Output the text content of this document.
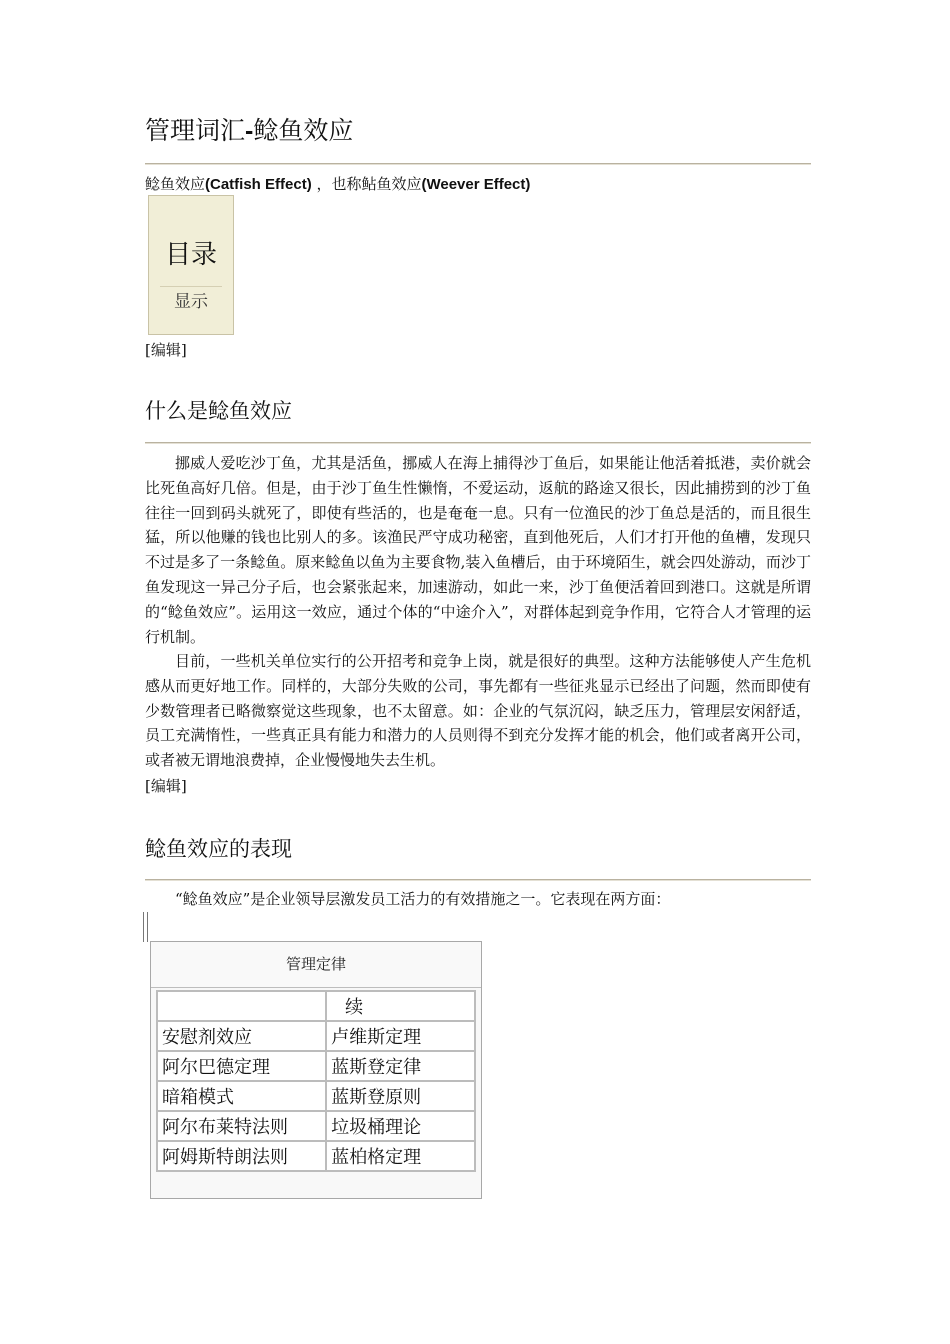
管理词汇-鲶鱼效应
鲶鱼效应(Catfish Effect) ，也称鲇鱼效应(Weever Effect)
目录
显示
[编辑]
什么是鲶鱼效应
挪威人爱吃沙丁鱼，尤其是活鱼，挪威人在海上捕得沙丁鱼后，如果能让他活着抵港，卖价就会比死鱼高好几倍。但是，由于沙丁鱼生性懒惰，不爱运动，返航的路途又很长，因此捕捞到的沙丁鱼往往一回到码头就死了，即使有些活的，也是奄奄一息。只有一位渔民的沙丁鱼总是活的，而且很生猛，所以他赚的钱也比别人的多。该渔民严守成功秘密，直到他死后，人们才打开他的鱼槽，发现只不过是多了一条鲶鱼。原来鲶鱼以鱼为主要食物,装入鱼槽后，由于环境陌生，就会四处游动，而沙丁鱼发现这一异己分子后，也会紧张起来，加速游动，如此一来，沙丁鱼便活着回到港口。这就是所谓的“鲶鱼效应”。运用这一效应，通过个体的“中途介入”，对群体起到竞争作用，它符合人才管理的运行机制。
目前，一些机关单位实行的公开招考和竞争上岗，就是很好的典型。这种方法能够使人产生危机感从而更好地工作。同样的，大部分失败的公司，事先都有一些征兆显示已经出了问题，然而即使有少数管理者已略微察觉这些现象，也不太留意。如：企业的气氛沉闷，缺乏压力，管理层安闲舒适，员工充满惰性，一些真正具有能力和潜力的人员则得不到充分发挥才能的机会，他们或者离开公司，或者被无谓地浪费掉，企业慢慢地失去生机。
[编辑]
鲶鱼效应的表现
“鲶鱼效应”是企业领导层激发员工活力的有效措施之一。它表现在两方面：
管理定律
	续
安慰剂效应	卢维斯定理
阿尔巴德定理	蓝斯登定律
暗箱模式	蓝斯登原则
阿尔布莱特法则	垃圾桶理论
阿姆斯特朗法则	蓝柏格定理
